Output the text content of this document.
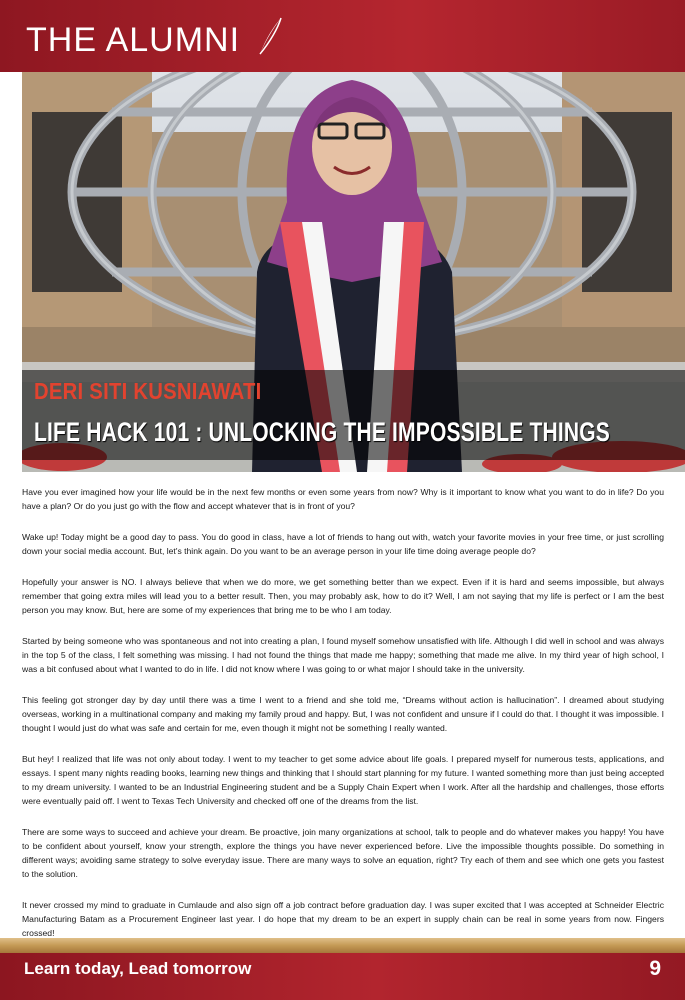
THE ALUMNI
DERI SITI KUSNIAWATI
LIFE HACK 101 : UNLOCKING THE IMPOSSIBLE THINGS

Have you ever imagined how your life would be in the next few months or even some years from now? Why is it important to know what you want to do in life? Do you have a plan? Or do you just go with the flow and accept whatever that is in front of you?

Wake up! Today might be a good day to pass. You do good in class, have a lot of friends to hang out with, watch your favorite movies in your free time, or just scrolling down your social media account. But, let's think again. Do you want to be an average person in your life time doing average people do?

Hopefully your answer is NO. I always believe that when we do more, we get something better than we expect. Even if it is hard and seems impossible, but always remember that going extra miles will lead you to a better result. Then, you may probably ask, how to do it? Well, I am not saying that my life is perfect or I am the best person you may know. But, here are some of my experiences that bring me to be who I am today.

Started by being someone who was spontaneous and not into creating a plan, I found myself somehow unsatisfied with life. Although I did well in school and was always in the top 5 of the class, I felt something was missing. I had not found the things that made me happy; something that made me alive. In my third year of high school, I was a bit confused about what I wanted to do in life. I did not know where I was going to or what major I should take in the university.

This feeling got stronger day by day until there was a time I went to a friend and she told me, “Dreams without action is hallucination”. I dreamed about studying overseas, working in a multinational company and making my family proud and happy. But, I was not confident and unsure if I could do that. I thought it was impossible. I thought I would just do what was safe and certain for me, even though it might not be something I really wanted.

But hey! I realized that life was not only about today. I went to my teacher to get some advice about life goals. I prepared myself for numerous tests, applications, and essays. I spent many nights reading books, learning new things and thinking that I should start planning for my future. I wanted something more than just being accepted to my dream university. I wanted to be an Industrial Engineering student and be a Supply Chain Expert when I work. After all the hardship and challenges, those efforts were eventually paid off. I went to Texas Tech University and checked off one of the dreams from the list.

There are some ways to succeed and achieve your dream. Be proactive, join many organizations at school, talk to people and do whatever makes you happy! You have to be confident about yourself, know your strength, explore the things you have never experienced before. Live the impossible thoughts possible. Do something in different ways; avoiding same strategy to solve everyday issue. There are many ways to solve an equation, right? Try each of them and see which one gets you fastest to the solution.

It never crossed my mind to graduate in Cumlaude and also sign off a job contract before graduation day. I was super excited that I was accepted at Schneider Electric Manufacturing Batam as a Procurement Engineer last year. I do hope that my dream to be an expert in supply chain can be real in some years from now. Fingers crossed!

Learn today, Lead tomorrow	9
